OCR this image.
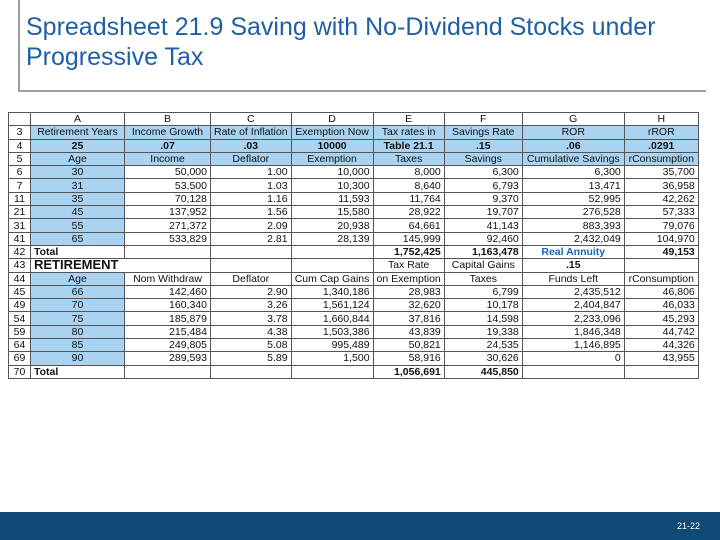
Spreadsheet 21.9 Saving with No-Dividend Stocks under Progressive Tax
	A	B	C	D	E	F	G	H
3	Retirement Years	Income Growth	Rate of Inflation	Exemption Now	Tax rates in	Savings Rate	ROR	rROR
4	25	.07	.03	10000	Table 21.1	.15	.06	.0291
5	Age	Income	Deflator	Exemption	Taxes	Savings	Cumulative Savings	rConsumption
6	30	50,000	1.00	10,000	8,000	6,300	6,300	35,700
7	31	53,500	1.03	10,300	8,640	6,793	13,471	36,958
11	35	70,128	1.16	11,593	11,764	9,370	52,995	42,262
21	45	137,952	1.56	15,580	28,922	19,707	276,528	57,333
31	55	271,372	2.09	20,938	64,661	41,143	883,393	79,076
41	65	533,829	2.81	28,139	145,999	92,460	2,432,049	104,970
42	Total				1,752,425	1,163,478	Real Annuity	49,153
43	RETIREMENT				Tax Rate	Capital Gains	.15	
44	Age	Nom Withdraw	Deflator	Cum Cap Gains	on Exemption	Taxes	Funds Left	rConsumption
45	66	142,460	2.90	1,340,186	28,983	6,799	2,435,512	46,806
49	70	160,340	3.26	1,561,124	32,620	10,178	2,404,847	46,033
54	75	185,879	3.78	1,660,844	37,816	14,598	2,233,096	45,293
59	80	215,484	4.38	1,503,386	43,839	19,338	1,846,348	44,742
64	85	249,805	5.08	995,489	50,821	24,535	1,146,895	44,326
69	90	289,593	5.89	1,500	58,916	30,626	0	43,955
70	Total				1,056,691	445,850		
21-22
